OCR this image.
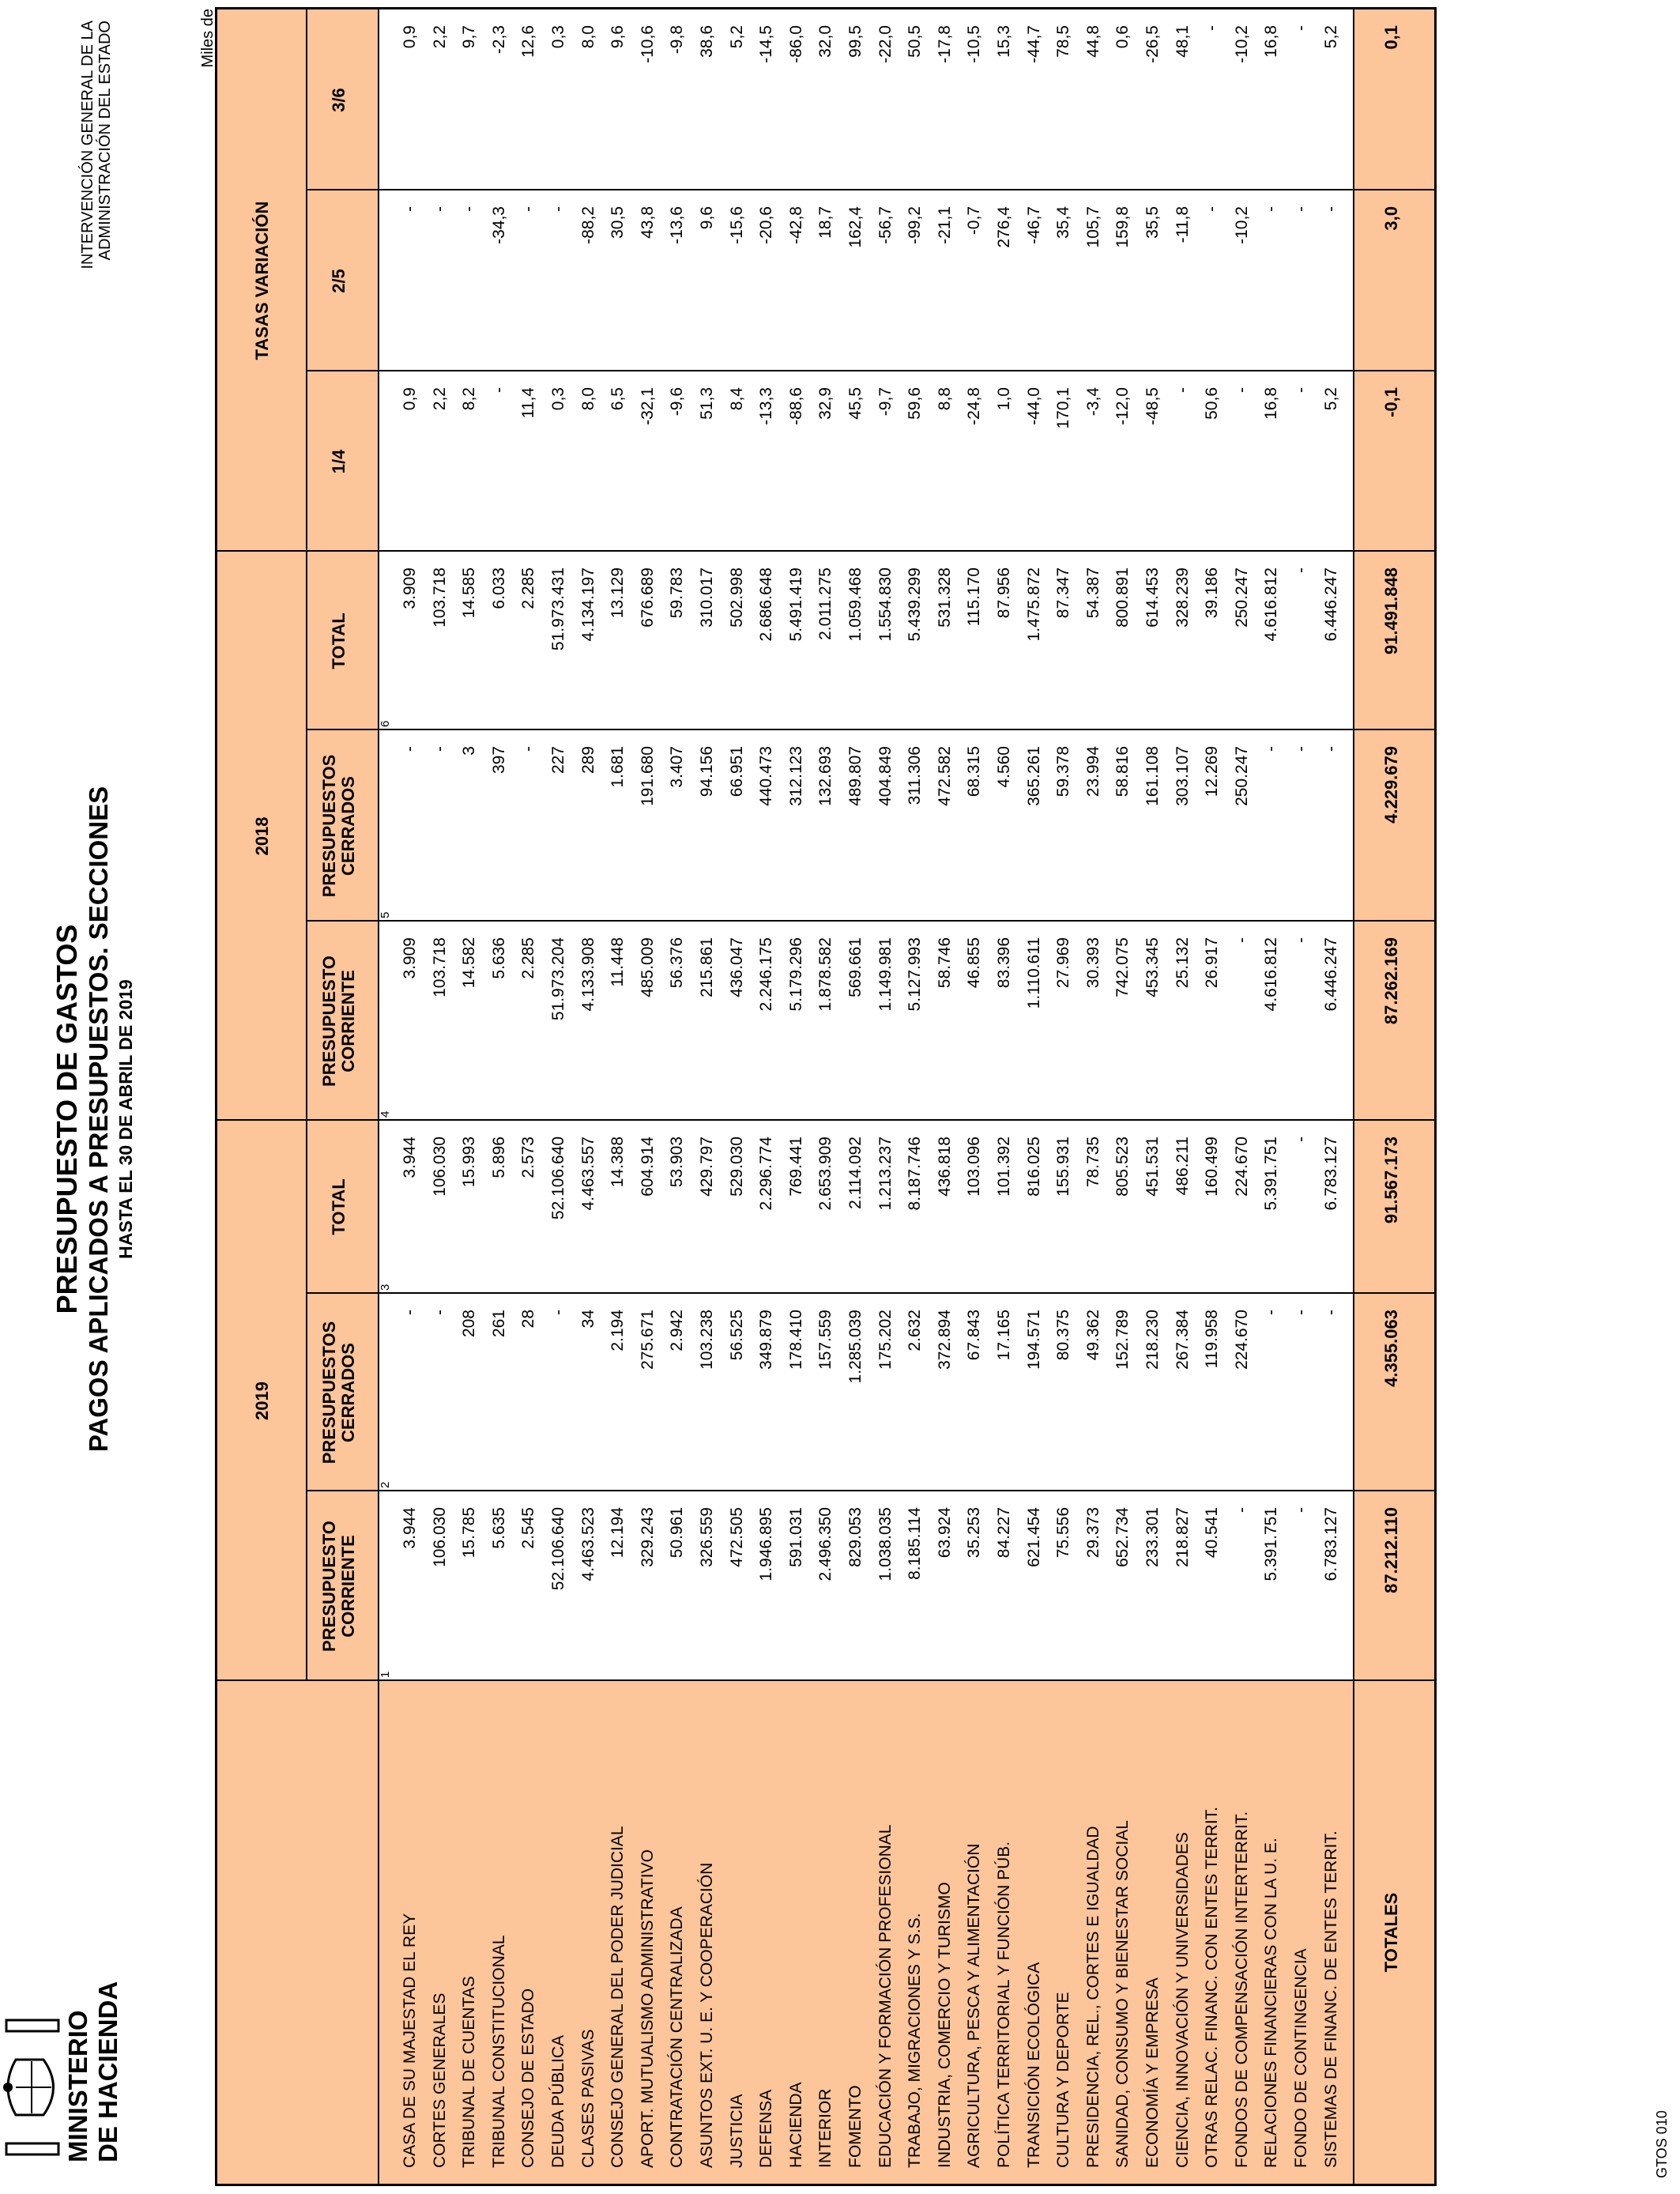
MINISTERIO DE HACIENDA
PRESUPUESTO DE GASTOS PAGOS APLICADOS A PRESUPUESTOS. SECCIONES HASTA EL 30 DE ABRIL DE 2019
INTERVENCIÓN GENERAL DE LA ADMINISTRACIÓN DEL ESTADO	Miles de
2019
2018
TASAS VARIACIÓN
PRESUPUESTO CORRIENTE
PRESUPUESTOS CERRADOS
TOTAL
PRESUPUESTO CORRIENTE
PRESUPUESTOS CERRADOS
TOTAL
1/4
2/5
3/6
1
2
3
4
5
6
CASA DE SU MAJESTAD EL REY
3.944
-
3.944
3.909
-
3.909
0,9
-
0,9
CORTES GENERALES
106.030
-
106.030
103.718
-
103.718
2,2
-
2,2
TRIBUNAL DE CUENTAS
15.785
208
15.993
14.582
3
14.585
8,2
-
9,7
TRIBUNAL CONSTITUCIONAL
5.635
261
5.896
5.636
397
6.033
-
-34,3
-2,3
CONSEJO DE ESTADO
2.545
28
2.573
2.285
-
2.285
11,4
-
12,6
DEUDA PÚBLICA
52.106.640
-
52.106.640
51.973.204
227
51.973.431
0,3
-
0,3
CLASES PASIVAS
4.463.523
34
4.463.557
4.133.908
289
4.134.197
8,0
-88,2
8,0
CONSEJO GENERAL DEL PODER JUDICIAL
12.194
2.194
14.388
11.448
1.681
13.129
6,5
30,5
9,6
APORT. MUTUALISMO ADMINISTRATIVO
329.243
275.671
604.914
485.009
191.680
676.689
-32,1
43,8
-10,6
CONTRATACIÓN CENTRALIZADA
50.961
2.942
53.903
56.376
3.407
59.783
-9,6
-13,6
-9,8
ASUNTOS EXT. U. E. Y COOPERACIÓN
326.559
103.238
429.797
215.861
94.156
310.017
51,3
9,6
38,6
JUSTICIA
472.505
56.525
529.030
436.047
66.951
502.998
8,4
-15,6
5,2
DEFENSA
1.946.895
349.879
2.296.774
2.246.175
440.473
2.686.648
-13,3
-20,6
-14,5
HACIENDA
591.031
178.410
769.441
5.179.296
312.123
5.491.419
-88,6
-42,8
-86,0
INTERIOR
2.496.350
157.559
2.653.909
1.878.582
132.693
2.011.275
32,9
18,7
32,0
FOMENTO
829.053
1.285.039
2.114.092
569.661
489.807
1.059.468
45,5
162,4
99,5
EDUCACIÓN Y FORMACIÓN PROFESIONAL
1.038.035
175.202
1.213.237
1.149.981
404.849
1.554.830
-9,7
-56,7
-22,0
TRABAJO, MIGRACIONES Y S.S.
8.185.114
2.632
8.187.746
5.127.993
311.306
5.439.299
59,6
-99,2
50,5
INDUSTRIA, COMERCIO Y TURISMO
63.924
372.894
436.818
58.746
472.582
531.328
8,8
-21,1
-17,8
AGRICULTURA, PESCA Y ALIMENTACIÓN
35.253
67.843
103.096
46.855
68.315
115.170
-24,8
-0,7
-10,5
POLÍTICA TERRITORIAL Y FUNCIÓN PÚB.
84.227
17.165
101.392
83.396
4.560
87.956
1,0
276,4
15,3
TRANSICIÓN ECOLÓGICA
621.454
194.571
816.025
1.110.611
365.261
1.475.872
-44,0
-46,7
-44,7
CULTURA Y DEPORTE
75.556
80.375
155.931
27.969
59.378
87.347
170,1
35,4
78,5
PRESIDENCIA, REL., CORTES E IGUALDAD
29.373
49.362
78.735
30.393
23.994
54.387
-3,4
105,7
44,8
SANIDAD, CONSUMO Y BIENESTAR SOCIAL
652.734
152.789
805.523
742.075
58.816
800.891
-12,0
159,8
0,6
ECONOMÍA Y EMPRESA
233.301
218.230
451.531
453.345
161.108
614.453
-48,5
35,5
-26,5
CIENCIA, INNOVACIÓN Y UNIVERSIDADES
218.827
267.384
486.211
25.132
303.107
328.239
-
-11,8
48,1
OTRAS RELAC. FINANC. CON ENTES TERRIT.
40.541
119.958
160.499
26.917
12.269
39.186
50,6
-
-
FONDOS DE COMPENSACIÓN INTERTERRIT.
-
224.670
224.670
-
250.247
250.247
-
-10,2
-10,2
RELACIONES FINANCIERAS CON LA U. E.
5.391.751
-
5.391.751
4.616.812
-
4.616.812
16,8
-
16,8
FONDO DE CONTINGENCIA
-
-
-
-
-
-
-
-
-
SISTEMAS DE FINANC. DE ENTES TERRIT.
6.783.127
-
6.783.127
6.446.247
-
6.446.247
5,2
-
5,2
TOTALES
87.212.110
4.355.063
91.567.173
87.262.169
4.229.679
91.491.848
-0,1
3,0
0,1
GTOS 010
